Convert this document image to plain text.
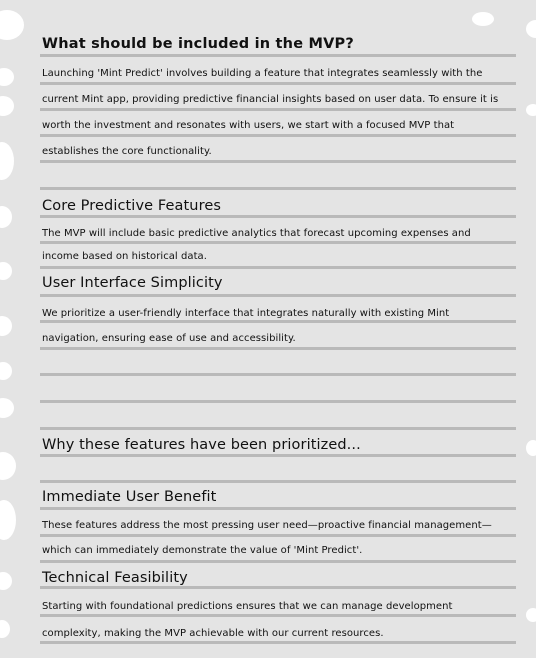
What should be included in the MVP?
Launching 'Mint Predict' involves building a feature that integrates seamlessly with the
current Mint app, providing predictive financial insights based on user data. To ensure it is
worth the investment and resonates with users, we start with a focused MVP that
establishes the core functionality.
Core Predictive Features
The MVP will include basic predictive analytics that forecast upcoming expenses and
income based on historical data.
User Interface Simplicity
We prioritize a user-friendly interface that integrates naturally with existing Mint
navigation, ensuring ease of use and accessibility.
Why these features have been prioritized...
Immediate User Benefit
These features address the most pressing user need—proactive financial management—
which can immediately demonstrate the value of 'Mint Predict'.
Technical Feasibility
Starting with foundational predictions ensures that we can manage development
complexity, making the MVP achievable with our current resources.
